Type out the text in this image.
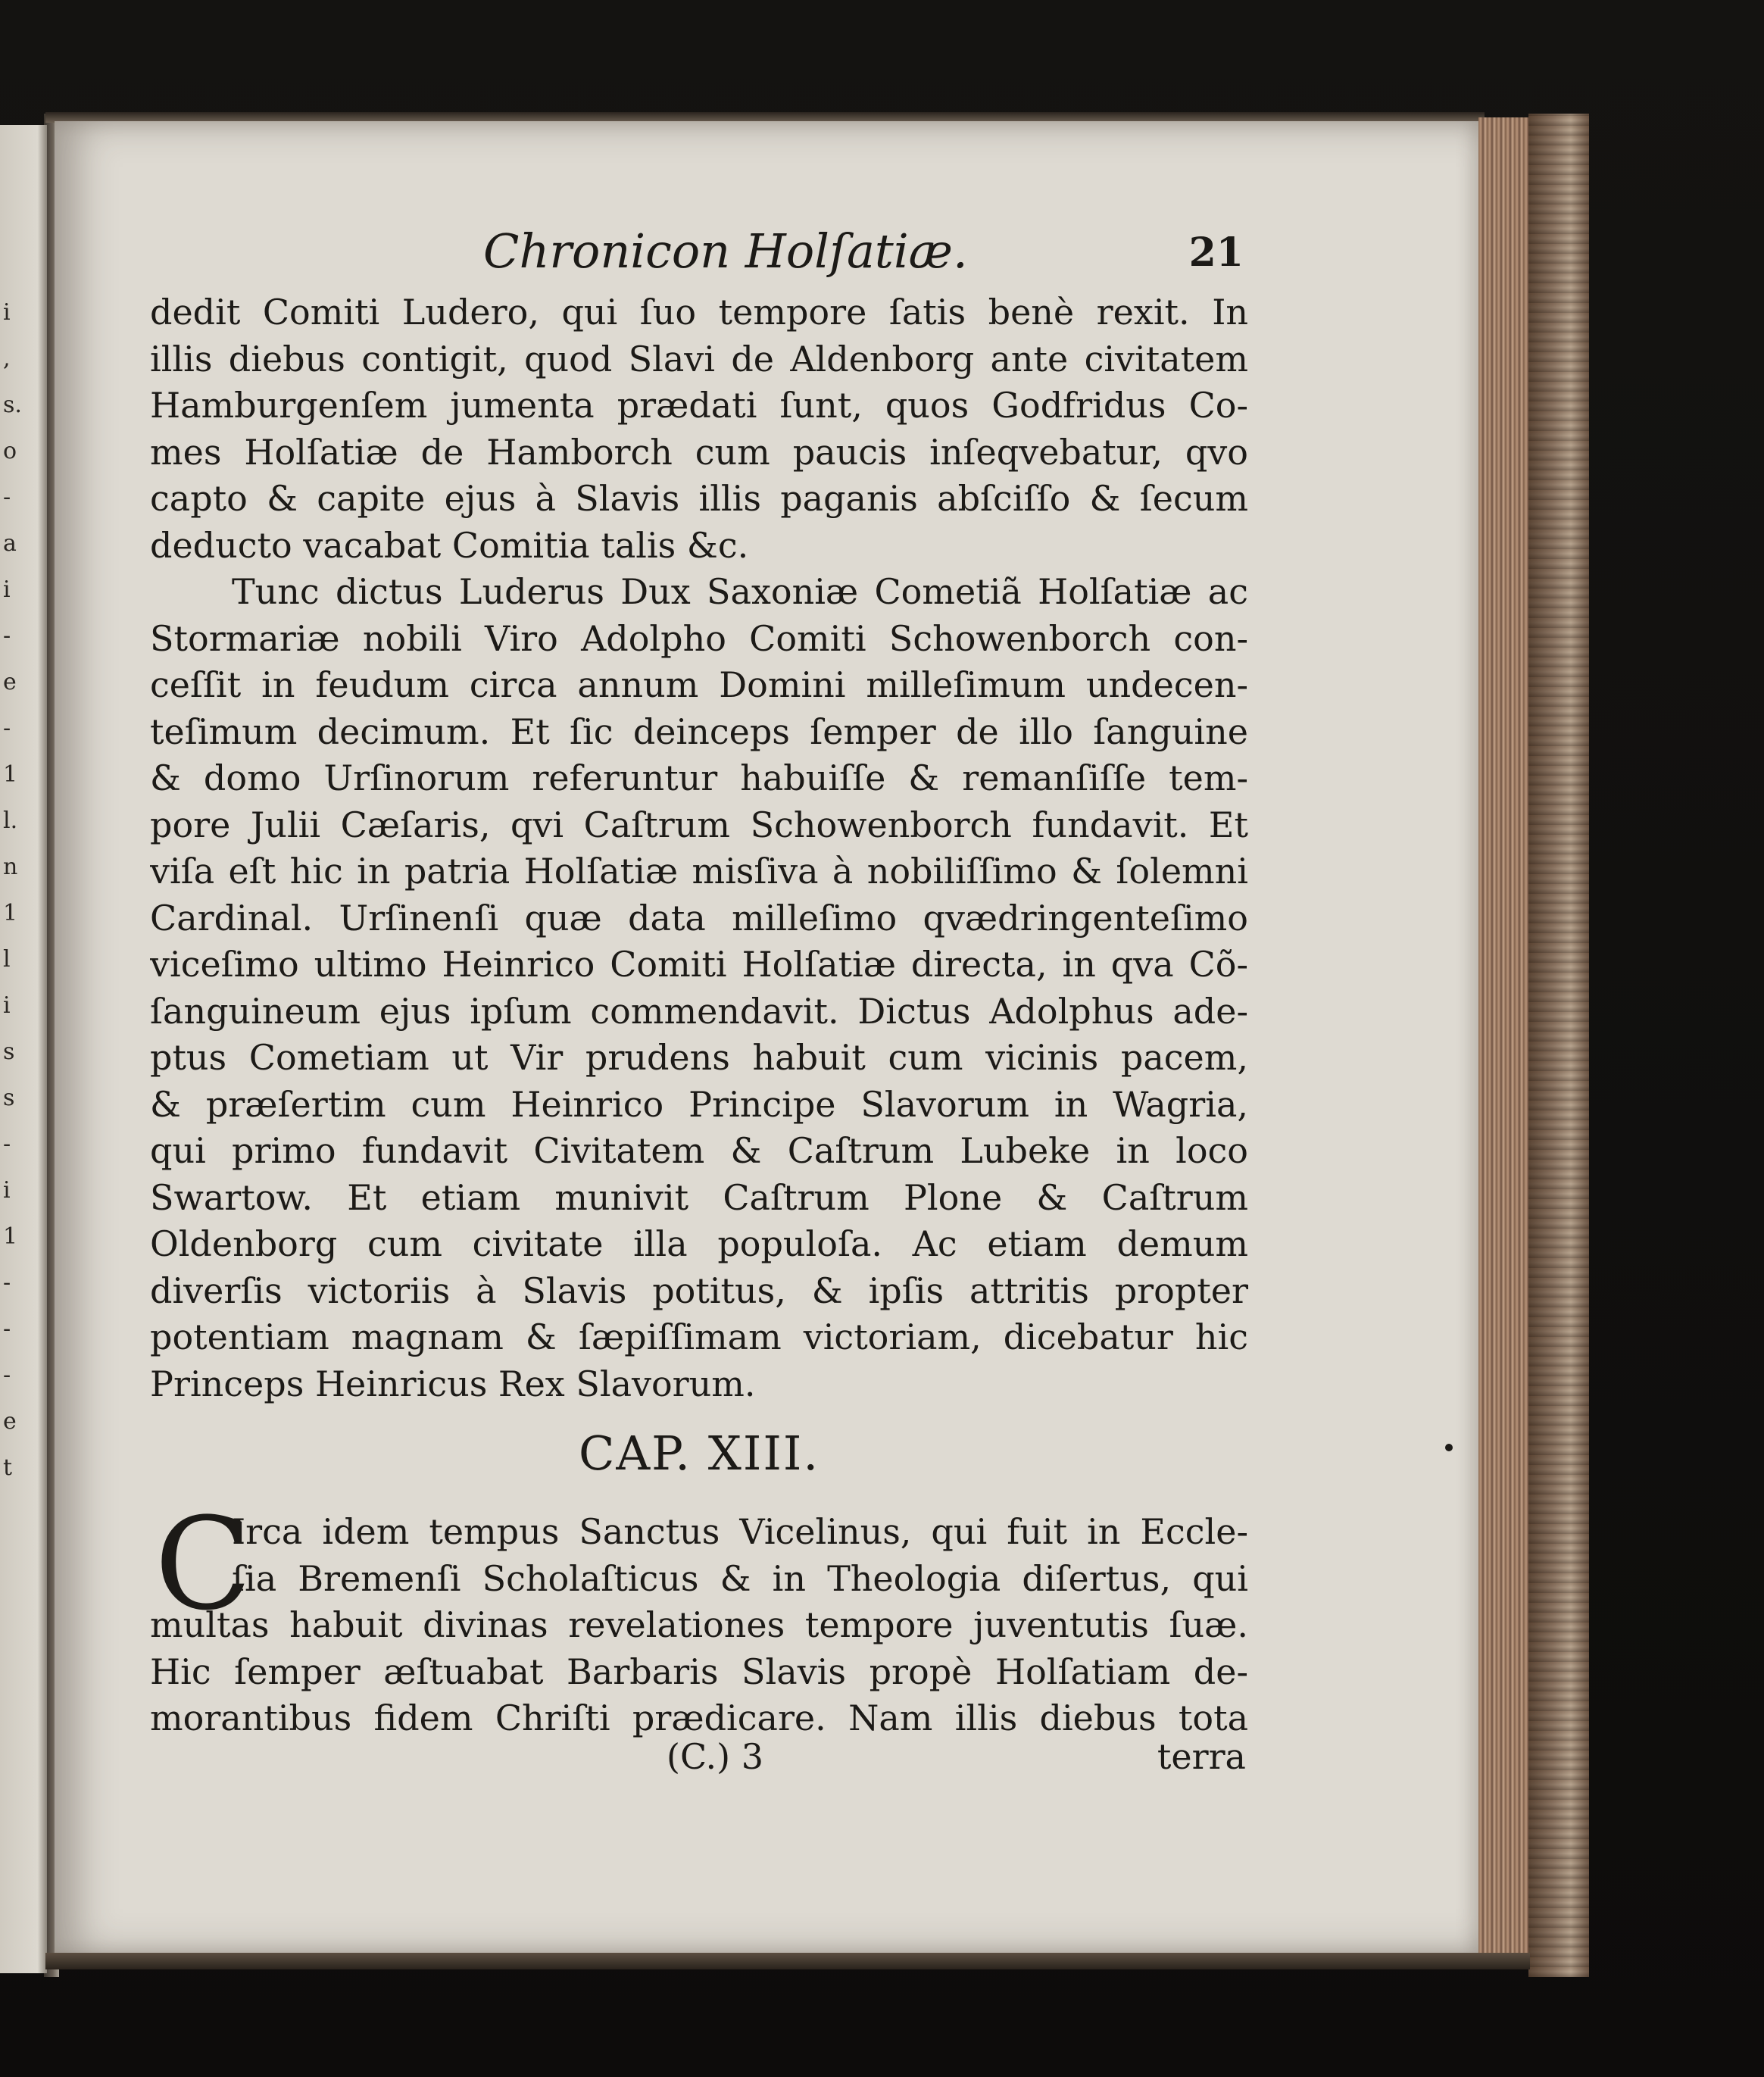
i
,
s.
o
-
a
i
-
e
-
1
l.
n
1
l
i
s
s
-
i
1
-
-
-
e
t
Chronicon Holſatiæ.	21
dedit Comiti Ludero, qui ſuo tempore ſatis benè rexit. In
illis diebus contigit, quod Slavi de Aldenborg ante civitatem
Hamburgenſem jumenta prædati ſunt, quos Godfridus Co-
mes Holſatiæ de Hamborch cum paucis inſeqvebatur, qvo
capto & capite ejus à Slavis illis paganis abſciſſo & ſecum
deducto vacabat Comitia talis &c.
Tunc dictus Luderus Dux Saxoniæ Cometiã Holſatiæ ac
Stormariæ nobili Viro Adolpho Comiti Schowenborch con-
ceſſit in feudum circa annum Domini milleſimum undecen-
teſimum decimum. Et ſic deinceps ſemper de illo ſanguine
& domo Urſinorum referuntur habuiſſe & remanſiſſe tem-
pore Julii Cæſaris, qvi Caſtrum Schowenborch fundavit. Et
viſa eſt hic in patria Holſatiæ misſiva à nobiliſſimo & ſolemni
Cardinal. Urſinenſi quæ data milleſimo qvædringenteſimo
viceſimo ultimo Heinrico Comiti Holſatiæ directa, in qva Cõ-
ſanguineum ejus ipſum commendavit. Dictus Adolphus ade-
ptus Cometiam ut Vir prudens habuit cum vicinis pacem,
& præſertim cum Heinrico Principe Slavorum in Wagria,
qui primo fundavit Civitatem & Caſtrum Lubeke in loco
Swartow. Et etiam munivit Caſtrum Plone & Caſtrum
Oldenborg cum civitate illa populoſa. Ac etiam demum
diverſis victoriis à Slavis potitus, & ipſis attritis propter
potentiam magnam & ſæpiſſimam victoriam, dicebatur hic
Princeps Heinricus Rex Slavorum.
CAP. XIII.
C
Irca idem tempus Sanctus Vicelinus, qui fuit in Eccle-
ſia Bremenſi Scholaſticus & in Theologia diſertus, qui
multas habuit divinas revelationes tempore juventutis ſuæ.
Hic ſemper æſtuabat Barbaris Slavis propè Holſatiam de-
morantibus fidem Chriſti prædicare. Nam illis diebus tota
(C.) 3	terra
